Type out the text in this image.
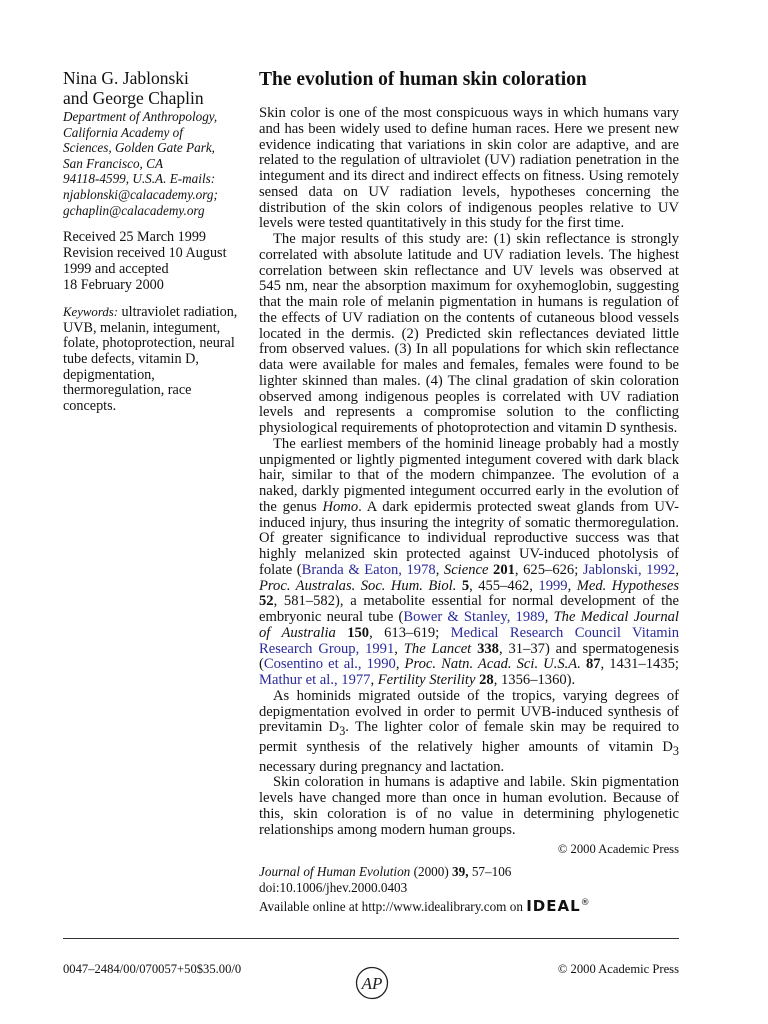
Nina G. Jablonski
and George Chaplin
Department of Anthropology,
California Academy of
Sciences, Golden Gate Park,
San Francisco, CA
94118-4599, U.S.A. E-mails:
njablonski@calacademy.org;
gchaplin@calacademy.org
Received 25 March 1999
Revision received 10 August
1999 and accepted
18 February 2000
Keywords: ultraviolet radiation, UVB, melanin, integument, folate, photoprotection, neural tube defects, vitamin D, depigmentation, thermoregulation, race concepts.
The evolution of human skin coloration

Skin color is one of the most conspicuous ways in which humans vary and has been widely used to define human races. Here we present new evidence indicating that variations in skin color are adaptive, and are related to the regulation of ultraviolet (UV) radiation penetration in the integument and its direct and indirect effects on fitness. Using remotely sensed data on UV radiation levels, hypotheses concerning the distribution of the skin colors of indigenous peoples relative to UV levels were tested quantitatively in this study for the first time.

The major results of this study are: (1) skin reflectance is strongly correlated with absolute latitude and UV radiation levels. The highest correlation between skin reflectance and UV levels was observed at 545 nm, near the absorption maximum for oxyhemoglobin, suggesting that the main role of melanin pigmentation in humans is regulation of the effects of UV radiation on the contents of cutaneous blood vessels located in the dermis. (2) Predicted skin reflectances deviated little from observed values. (3) In all populations for which skin reflectance data were available for males and females, females were found to be lighter skinned than males. (4) The clinal gradation of skin coloration observed among indigenous peoples is correlated with UV radiation levels and represents a compromise solution to the conflicting physiological requirements of photoprotection and vitamin D synthesis.

The earliest members of the hominid lineage probably had a mostly unpigmented or lightly pigmented integument covered with dark black hair, similar to that of the modern chimpanzee. The evolution of a naked, darkly pigmented integument occurred early in the evolution of the genus Homo. A dark epidermis protected sweat glands from UV-induced injury, thus insuring the integrity of somatic thermoregulation. Of greater significance to individual reproductive success was that highly melanized skin protected against UV-induced photolysis of folate (Branda & Eaton, 1978, Science 201, 625–626; Jablonski, 1992, Proc. Australas. Soc. Hum. Biol. 5, 455–462, 1999, Med. Hypotheses 52, 581–582), a metabolite essential for normal development of the embryonic neural tube (Bower & Stanley, 1989, The Medical Journal of Australia 150, 613–619; Medical Research Council Vitamin Research Group, 1991, The Lancet 338, 31–37) and spermatogenesis (Cosentino et al., 1990, Proc. Natn. Acad. Sci. U.S.A. 87, 1431–1435; Mathur et al., 1977, Fertility Sterility 28, 1356–1360).

As hominids migrated outside of the tropics, varying degrees of depigmentation evolved in order to permit UVB-induced synthesis of previtamin $D_3$. The lighter color of female skin may be required to permit synthesis of the relatively higher amounts of vitamin $D_3$ necessary during pregnancy and lactation.

Skin coloration in humans is adaptive and labile. Skin pigmentation levels have changed more than once in human evolution. Because of this, skin coloration is of no value in determining phylogenetic relationships among modern human groups.

© 2000 Academic Press
Journal of Human Evolution (2000) 39, 57–106
doi:10.1006/jhev.2000.0403
Available online at http://www.idealibrary.com on IDEAL®
0047–2484/00/070057+50$35.00/0
AP
© 2000 Academic Press
